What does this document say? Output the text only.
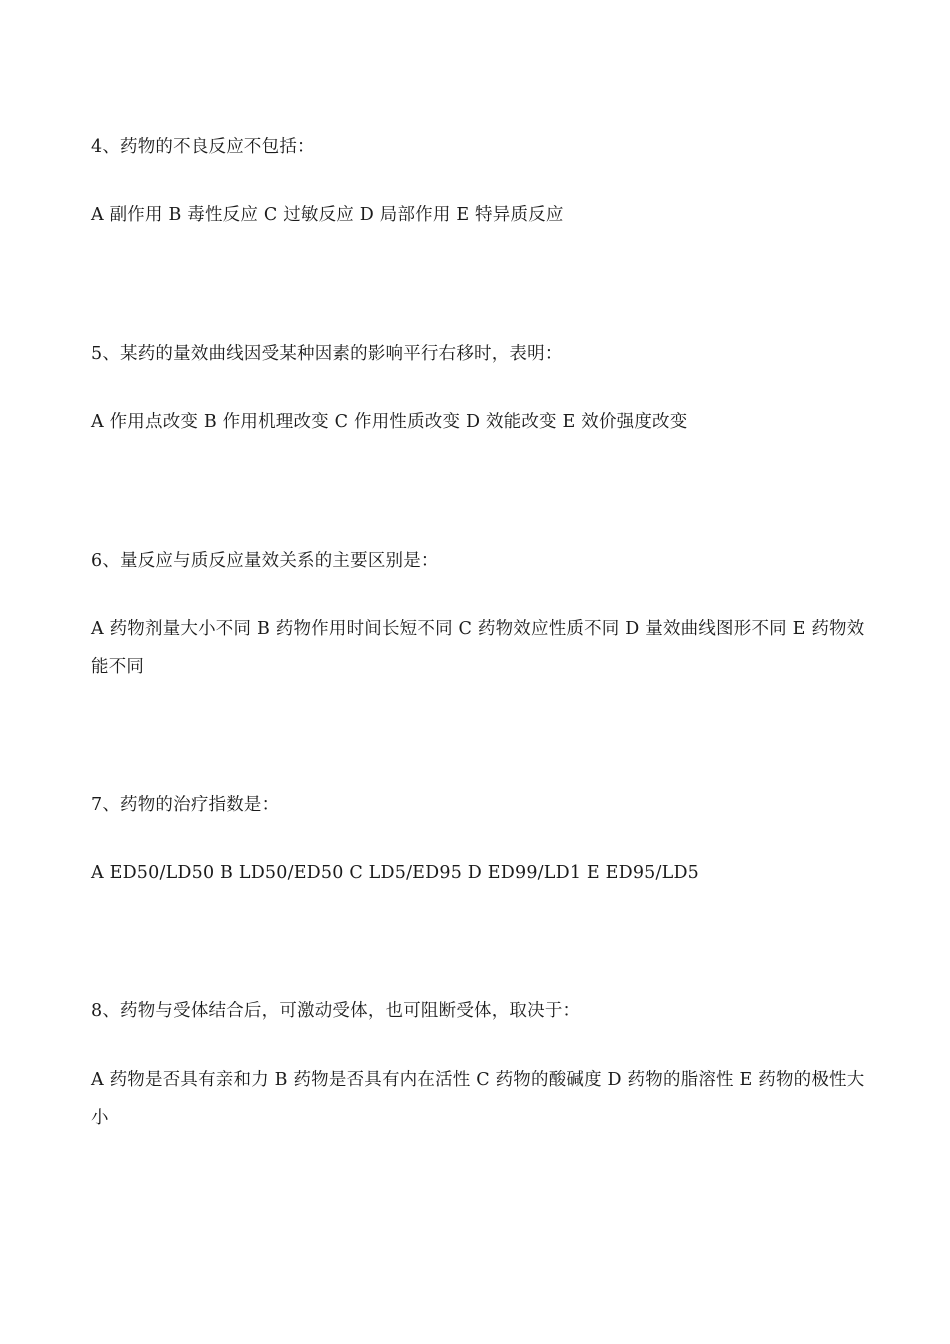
4、药物的不良反应不包括：
A 副作用 B 毒性反应 C 过敏反应 D 局部作用 E 特异质反应
5、某药的量效曲线因受某种因素的影响平行右移时，表明：
A 作用点改变 B 作用机理改变 C 作用性质改变 D 效能改变 E 效价强度改变
6、量反应与质反应量效关系的主要区别是：
A 药物剂量大小不同 B 药物作用时间长短不同 C 药物效应性质不同 D 量效曲线图形不同 E 药物效能不同
7、药物的治疗指数是：
A ED50/LD50 B LD50/ED50 C LD5/ED95 D ED99/LD1 E ED95/LD5
8、药物与受体结合后，可激动受体，也可阻断受体，取决于：
A 药物是否具有亲和力 B 药物是否具有内在活性 C 药物的酸碱度 D 药物的脂溶性 E 药物的极性大小
